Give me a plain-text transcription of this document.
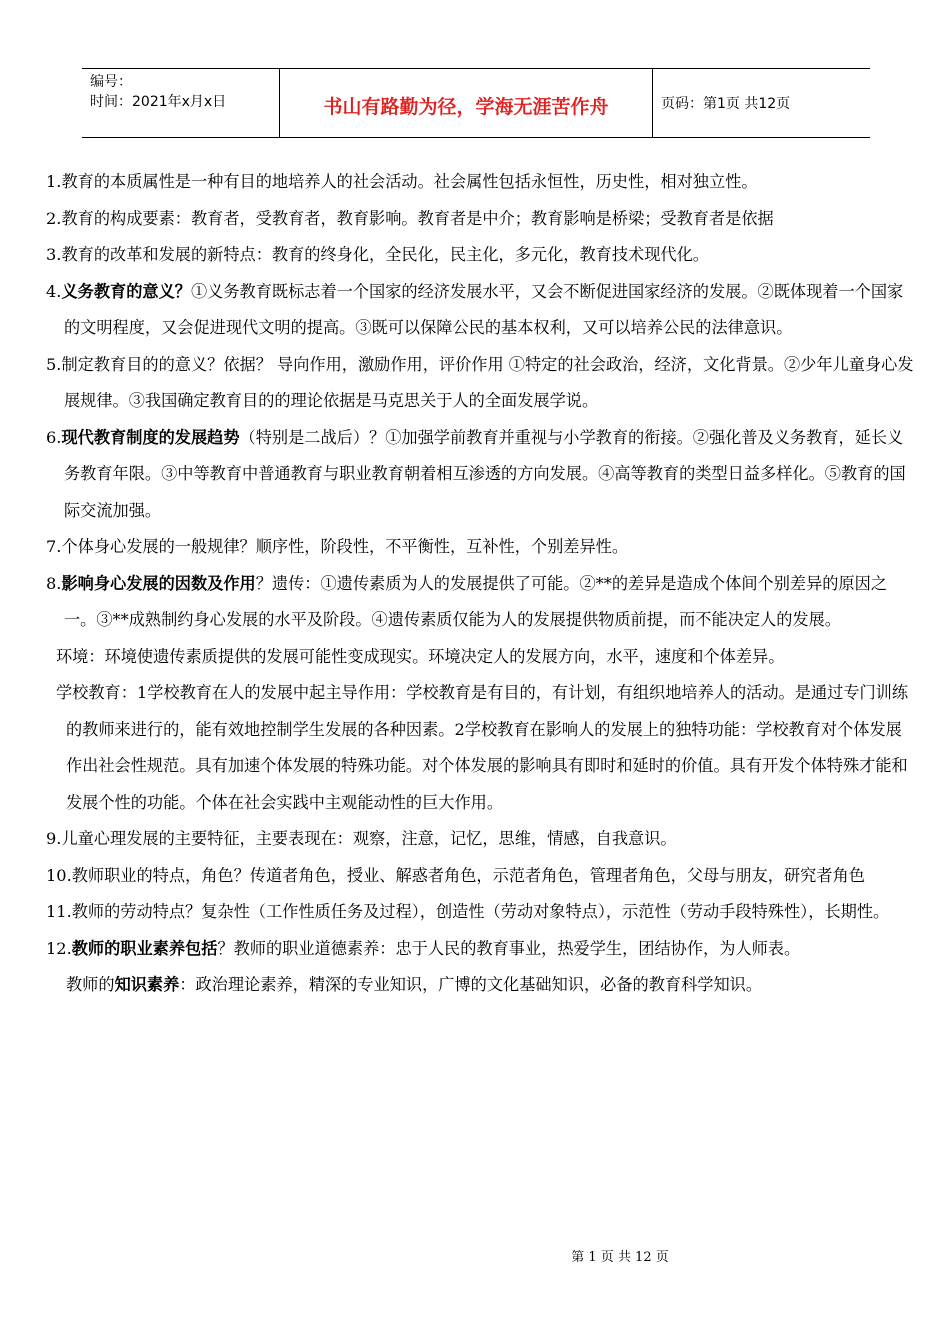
编号：
时间：2021年x月x日	书山有路勤为径，学海无涯苦作舟	页码：第1页 共12页

1.教育的本质属性是一种有目的地培养人的社会活动。社会属性包括永恒性，历史性，相对独立性。

2.教育的构成要素：教育者，受教育者，教育影响。教育者是中介；教育影响是桥梁；受教育者是依据

3.教育的改革和发展的新特点：教育的终身化，全民化，民主化，多元化，教育技术现代化。

4.义务教育的意义？①义务教育既标志着一个国家的经济发展水平，又会不断促进国家经济的发展。②既体现着一个国家的文明程度，又会促进现代文明的提高。③既可以保障公民的基本权利，又可以培养公民的法律意识。

5.制定教育目的的意义？依据？ 导向作用，激励作用，评价作用 ①特定的社会政治，经济，文化背景。②少年儿童身心发展规律。③我国确定教育目的的理论依据是马克思关于人的全面发展学说。

6.现代教育制度的发展趋势（特别是二战后）？①加强学前教育并重视与小学教育的衔接。②强化普及义务教育，延长义务教育年限。③中等教育中普通教育与职业教育朝着相互渗透的方向发展。④高等教育的类型日益多样化。⑤教育的国际交流加强。

7.个体身心发展的一般规律？顺序性，阶段性，不平衡性，互补性，个别差异性。

8.影响身心发展的因数及作用？遗传：①遗传素质为人的发展提供了可能。②**的差异是造成个体间个别差异的原因之一。③**成熟制约身心发展的水平及阶段。④遗传素质仅能为人的发展提供物质前提，而不能决定人的发展。

环境：环境使遗传素质提供的发展可能性变成现实。环境决定人的发展方向，水平，速度和个体差异。

学校教育：1学校教育在人的发展中起主导作用：学校教育是有目的，有计划，有组织地培养人的活动。是通过专门训练的教师来进行的，能有效地控制学生发展的各种因素。2学校教育在影响人的发展上的独特功能：学校教育对个体发展作出社会性规范。具有加速个体发展的特殊功能。对个体发展的影响具有即时和延时的价值。具有开发个体特殊才能和发展个性的功能。个体在社会实践中主观能动性的巨大作用。

9.儿童心理发展的主要特征，主要表现在：观察，注意，记忆，思维，情感，自我意识。

10.教师职业的特点，角色？传道者角色，授业、解惑者角色，示范者角色，管理者角色，父母与朋友，研究者角色

11.教师的劳动特点？复杂性（工作性质任务及过程），创造性（劳动对象特点），示范性（劳动手段特殊性），长期性。

12.教师的职业素养包括？教师的职业道德素养：忠于人民的教育事业，热爱学生，团结协作，为人师表。

教师的知识素养：政治理论素养，精深的专业知识，广博的文化基础知识，必备的教育科学知识。

第 1 页 共 12 页
